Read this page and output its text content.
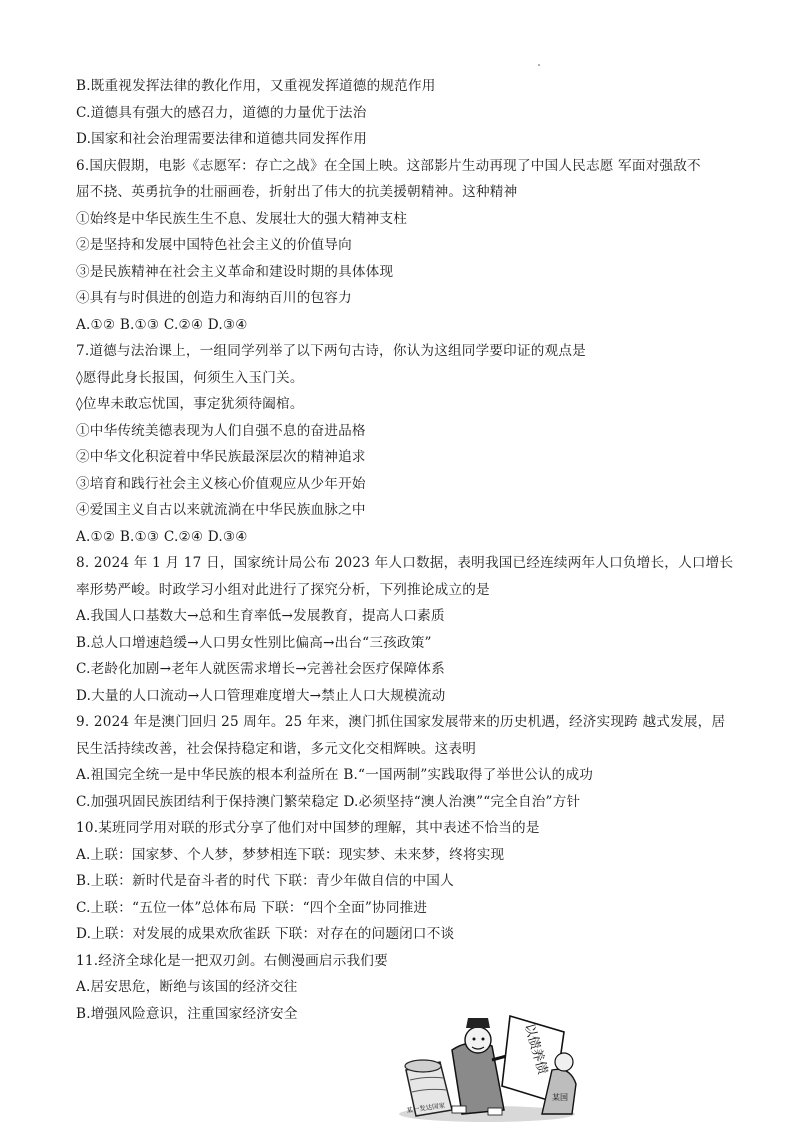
B.既重视发挥法律的教化作用，又重视发挥道德的规范作用
C.道德具有强大的感召力，道德的力量优于法治
D.国家和社会治理需要法律和道德共同发挥作用
6.国庆假期，电影《志愿军：存亡之战》在全国上映。这部影片生动再现了中国人民志愿 军面对强敌不
屈不挠、英勇抗争的壮丽画卷，折射出了伟大的抗美援朝精神。这种精神
①始终是中华民族生生不息、发展壮大的强大精神支柱
②是坚持和发展中国特色社会主义的价值导向
③是民族精神在社会主义革命和建设时期的具体体现
④具有与时俱进的创造力和海纳百川的包容力
A.①② B.①③ C.②④ D.③④
7.道德与法治课上，一组同学列举了以下两句古诗，你认为这组同学要印证的观点是
◊愿得此身长报国，何须生入玉门关。
◊位卑未敢忘忧国，事定犹须待阖棺。
①中华传统美德表现为人们自强不息的奋进品格
②中华文化积淀着中华民族最深层次的精神追求
③培育和践行社会主义核心价值观应从少年开始
④爱国主义自古以来就流淌在中华民族血脉之中
A.①② B.①③ C.②④ D.③④
8. 2024 年 1 月 17 日，国家统计局公布 2023 年人口数据，表明我国已经连续两年人口负增长，人口增长
率形势严峻。时政学习小组对此进行了探究分析，下列推论成立的是
A.我国人口基数大→总和生育率低→发展教育，提高人口素质
B.总人口增速趋缓→人口男女性别比偏高→出台“三孩政策”
C.老龄化加剧→老年人就医需求增长→完善社会医疗保障体系
D.大量的人口流动→人口管理难度增大→禁止人口大规模流动
9. 2024 年是澳门回归 25 周年。25 年来，澳门抓住国家发展带来的历史机遇，经济实现跨 越式发展，居
民生活持续改善，社会保持稳定和谐，多元文化交相辉映。这表明
A.祖国完全统一是中华民族的根本利益所在 B.“一国两制”实践取得了举世公认的成功
C.加强巩固民族团结利于保持澳门繁荣稳定 D.必须坚持“澳人治澳”“完全自治”方针
10.某班同学用对联的形式分享了他们对中国梦的理解，其中表述不恰当的是
A.上联：国家梦、个人梦，梦梦相连下联：现实梦、未来梦，终将实现
B.上联：新时代是奋斗者的时代 下联：青少年做自信的中国人
C.上联：“五位一体”总体布局 下联：“四个全面”协同推进
D.上联：对发展的成果欢欣雀跃 下联：对存在的问题闭口不谈
11.经济全球化是一把双刃剑。右侧漫画启示我们要
A.居安思危，断绝与该国的经济交往
B.增强风险意识，注重国家经济安全
以债养债
某国
某一发达国家
